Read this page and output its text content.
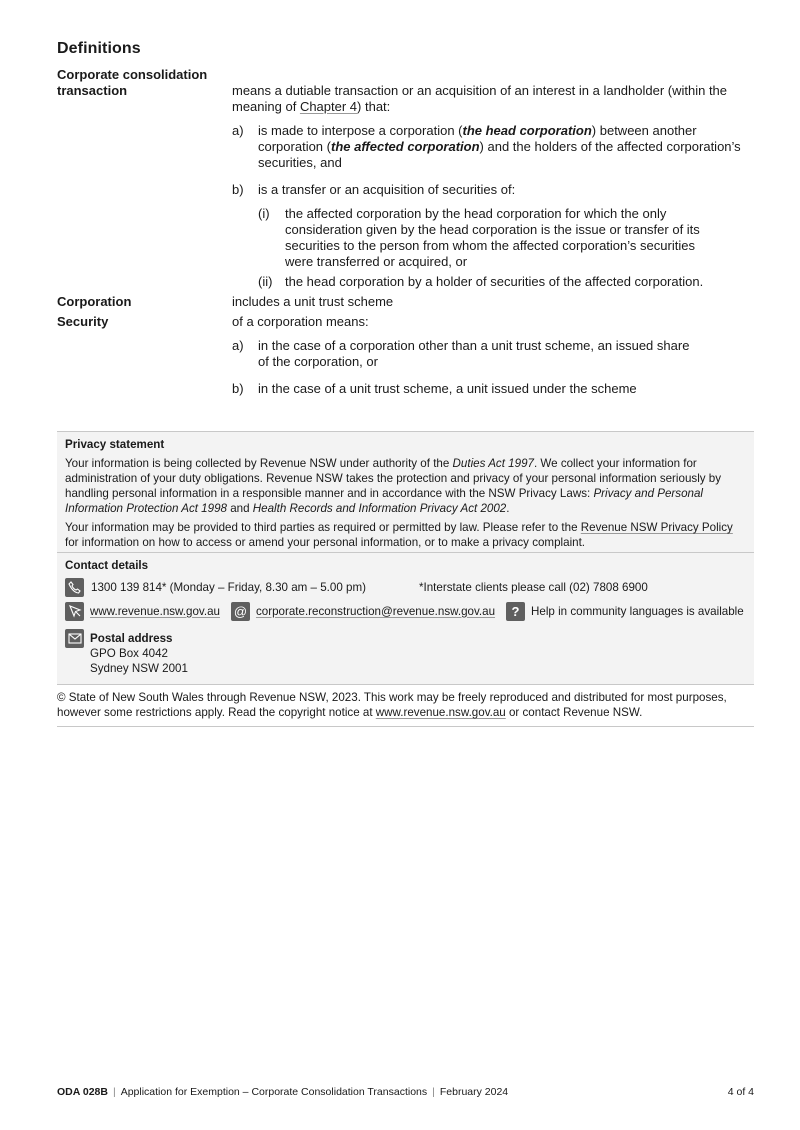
Definitions
Corporate consolidation transaction	means a dutiable transaction or an acquisition of an interest in a landholder (within the meaning of Chapter 4) that:

a)	is made to interpose a corporation (the head corporation) between another corporation (the affected corporation) and the holders of the affected corporation’s securities, and
b)	is a transfer or an acquisition of securities of:
(i)	the affected corporation by the head corporation for which the only consideration given by the head corporation is the issue or transfer of its securities to the person from whom the affected corporation’s securities were transferred or acquired, or
(ii) the head corporation by a holder of securities of the affected corporation.
Corporation	includes a unit trust scheme
Security	of a corporation means:

a)	in the case of a corporation other than a unit trust scheme, an issued share of the corporation, or
b)	in the case of a unit trust scheme, a unit issued under the scheme
Privacy statement

Your information is being collected by Revenue NSW under authority of the Duties Act 1997. We collect your information for administration of your duty obligations. Revenue NSW takes the protection and privacy of your personal information seriously by handling personal information in a responsible manner and in accordance with the NSW Privacy Laws: Privacy and Personal Information Protection Act 1998 and Health Records and Information Privacy Act 2002.

Your information may be provided to third parties as required or permitted by law. Please refer to the Revenue NSW Privacy Policy for information on how to access or amend your personal information, or to make a privacy complaint.

Contact details
1300 139 814* (Monday – Friday, 8.30 am – 5.00 pm)	*Interstate clients please call (02) 7808 6900
www.revenue.nsw.gov.au @ corporate.reconstruction@revenue.nsw.gov.au	? Help in community languages is available
Postal address
GPO Box 4042
Sydney NSW 2001
© State of New South Wales through Revenue NSW, 2023. This work may be freely reproduced and distributed for most purposes, however some restrictions apply. Read the copyright notice at www.revenue.nsw.gov.au or contact Revenue NSW.
ODA 028B | Application for Exemption – Corporate Consolidation Transactions | February 2024	4 of 4
